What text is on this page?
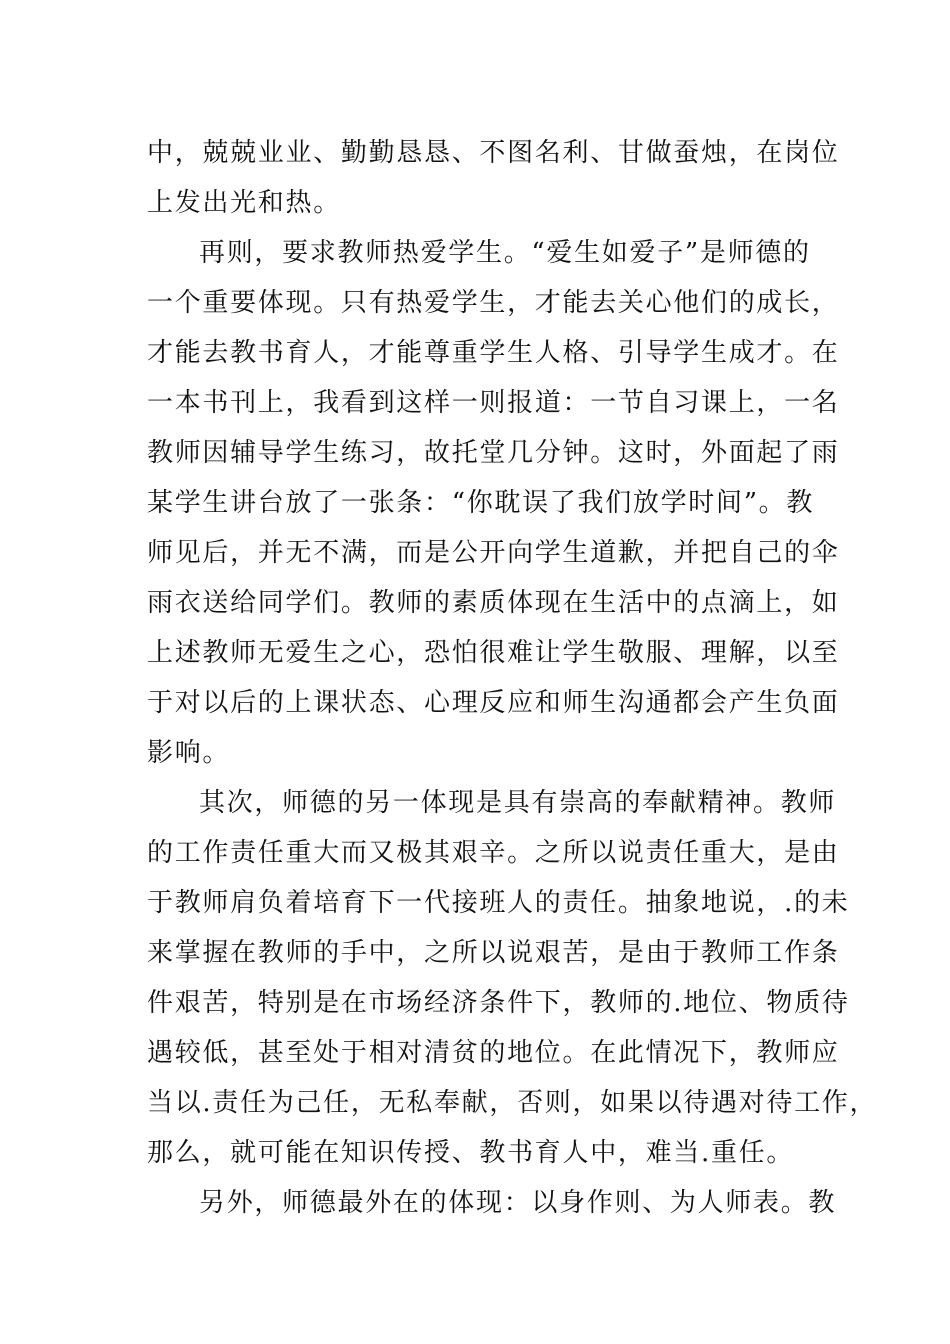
中，兢兢业业、勤勤恳恳、不图名利、甘做蚕烛，在岗位
上发出光和热。
再则，要求教师热爱学生。“爱生如爱子”是师德的
一个重要体现。只有热爱学生，才能去关心他们的成长，
才能去教书育人，才能尊重学生人格、引导学生成才。在
一本书刊上，我看到这样一则报道：一节自习课上，一名
教师因辅导学生练习，故托堂几分钟。这时，外面起了雨
某学生讲台放了一张条：“你耽误了我们放学时间”。教
师见后，并无不满，而是公开向学生道歉，并把自己的伞
雨衣送给同学们。教师的素质体现在生活中的点滴上，如
上述教师无爱生之心，恐怕很难让学生敬服、理解，以至
于对以后的上课状态、心理反应和师生沟通都会产生负面
影响。
其次，师德的另一体现是具有崇高的奉献精神。教师
的工作责任重大而又极其艰辛。之所以说责任重大，是由
于教师肩负着培育下一代接班人的责任。抽象地说，.的未
来掌握在教师的手中，之所以说艰苦，是由于教师工作条
件艰苦，特别是在市场经济条件下，教师的.地位、物质待
遇较低，甚至处于相对清贫的地位。在此情况下，教师应
当以.责任为己任，无私奉献，否则，如果以待遇对待工作，
那么，就可能在知识传授、教书育人中，难当.重任。
另外，师德最外在的体现：以身作则、为人师表。教
